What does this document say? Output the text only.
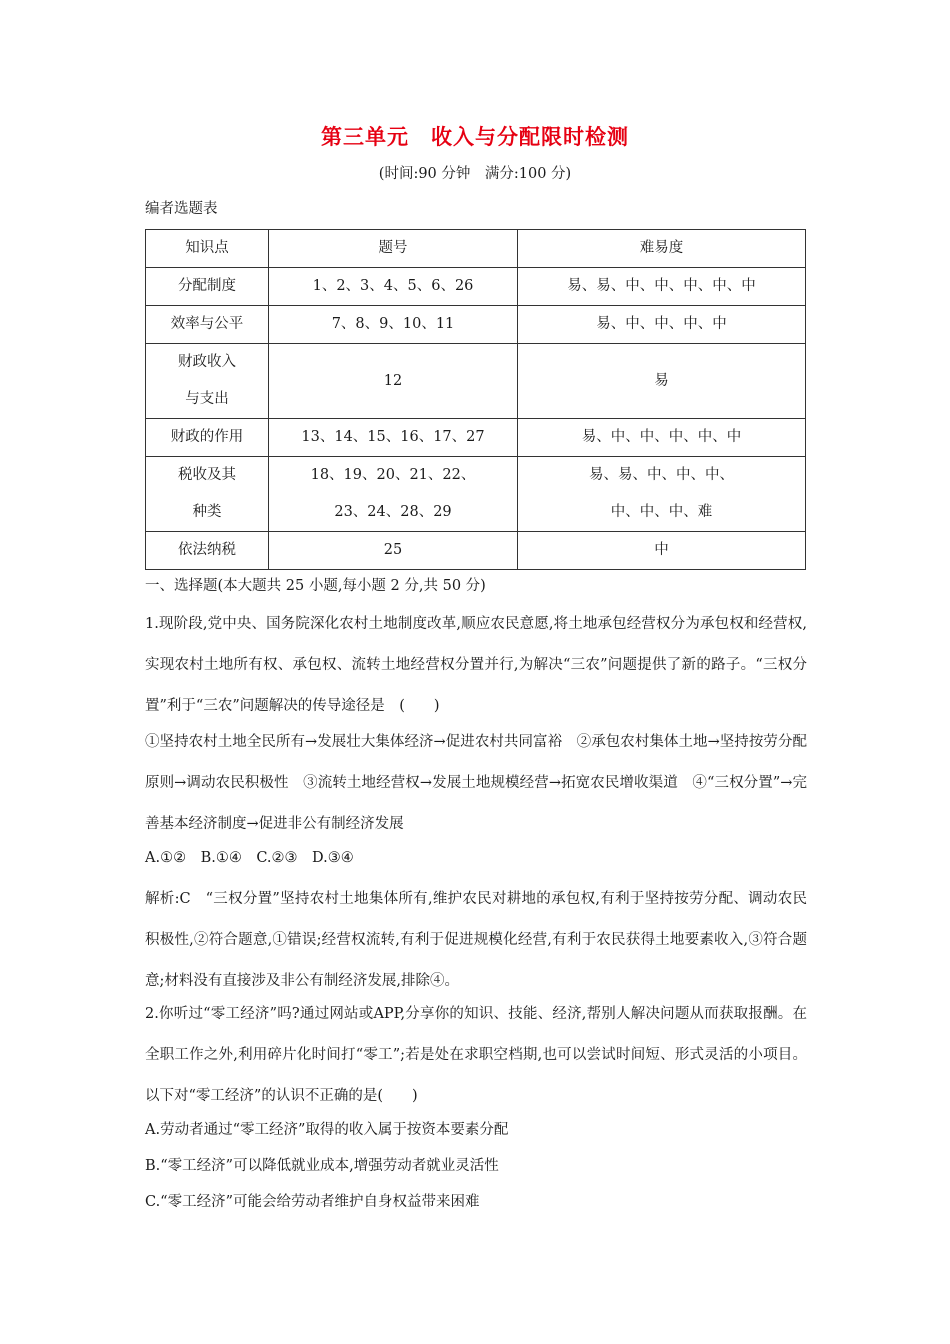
第三单元　收入与分配限时检测
(时间:90 分钟　满分:100 分)
编者选题表
知识点	题号	难易度

分配制度	1、2、3、4、5、6、26	易、易、中、中、中、中、中

效率与公平	7、8、9、10、11	易、中、中、中、中

财政收入
与支出	12	易

财政的作用	13、14、15、16、17、27	易、中、中、中、中、中

税收及其
种类	18、19、20、21、22、
23、24、28、29	易、易、中、中、中、
中、中、中、难

依法纳税	25	中
一、选择题(本大题共 25 小题,每小题 2 分,共 50 分)

1.现阶段,党中央、国务院深化农村土地制度改革,顺应农民意愿,将土地承包经营权分为承包权和经营权,实现农村土地所有权、承包权、流转土地经营权分置并行,为解决“三农”问题提供了新的路子。“三权分置”利于“三农”问题解决的传导途径是　(　　)

①坚持农村土地全民所有→发展壮大集体经济→促进农村共同富裕　②承包农村集体土地→坚持按劳分配原则→调动农民积极性　③流转土地经营权→发展土地规模经营→拓宽农民增收渠道　④“三权分置”→完善基本经济制度→促进非公有制经济发展

A.①②　B.①④　C.②③　D.③④

解析:C　“三权分置”坚持农村土地集体所有,维护农民对耕地的承包权,有利于坚持按劳分配、调动农民积极性,②符合题意,①错误;经营权流转,有利于促进规模化经营,有利于农民获得土地要素收入,③符合题意;材料没有直接涉及非公有制经济发展,排除④。

2.你听过“零工经济”吗?通过网站或APP,分享你的知识、技能、经济,帮别人解决问题从而获取报酬。在全职工作之外,利用碎片化时间打“零工”;若是处在求职空档期,也可以尝试时间短、形式灵活的小项目。以下对“零工经济”的认识不正确的是(　　)

A.劳动者通过“零工经济”取得的收入属于按资本要素分配
B.“零工经济”可以降低就业成本,增强劳动者就业灵活性
C.“零工经济”可能会给劳动者维护自身权益带来困难
